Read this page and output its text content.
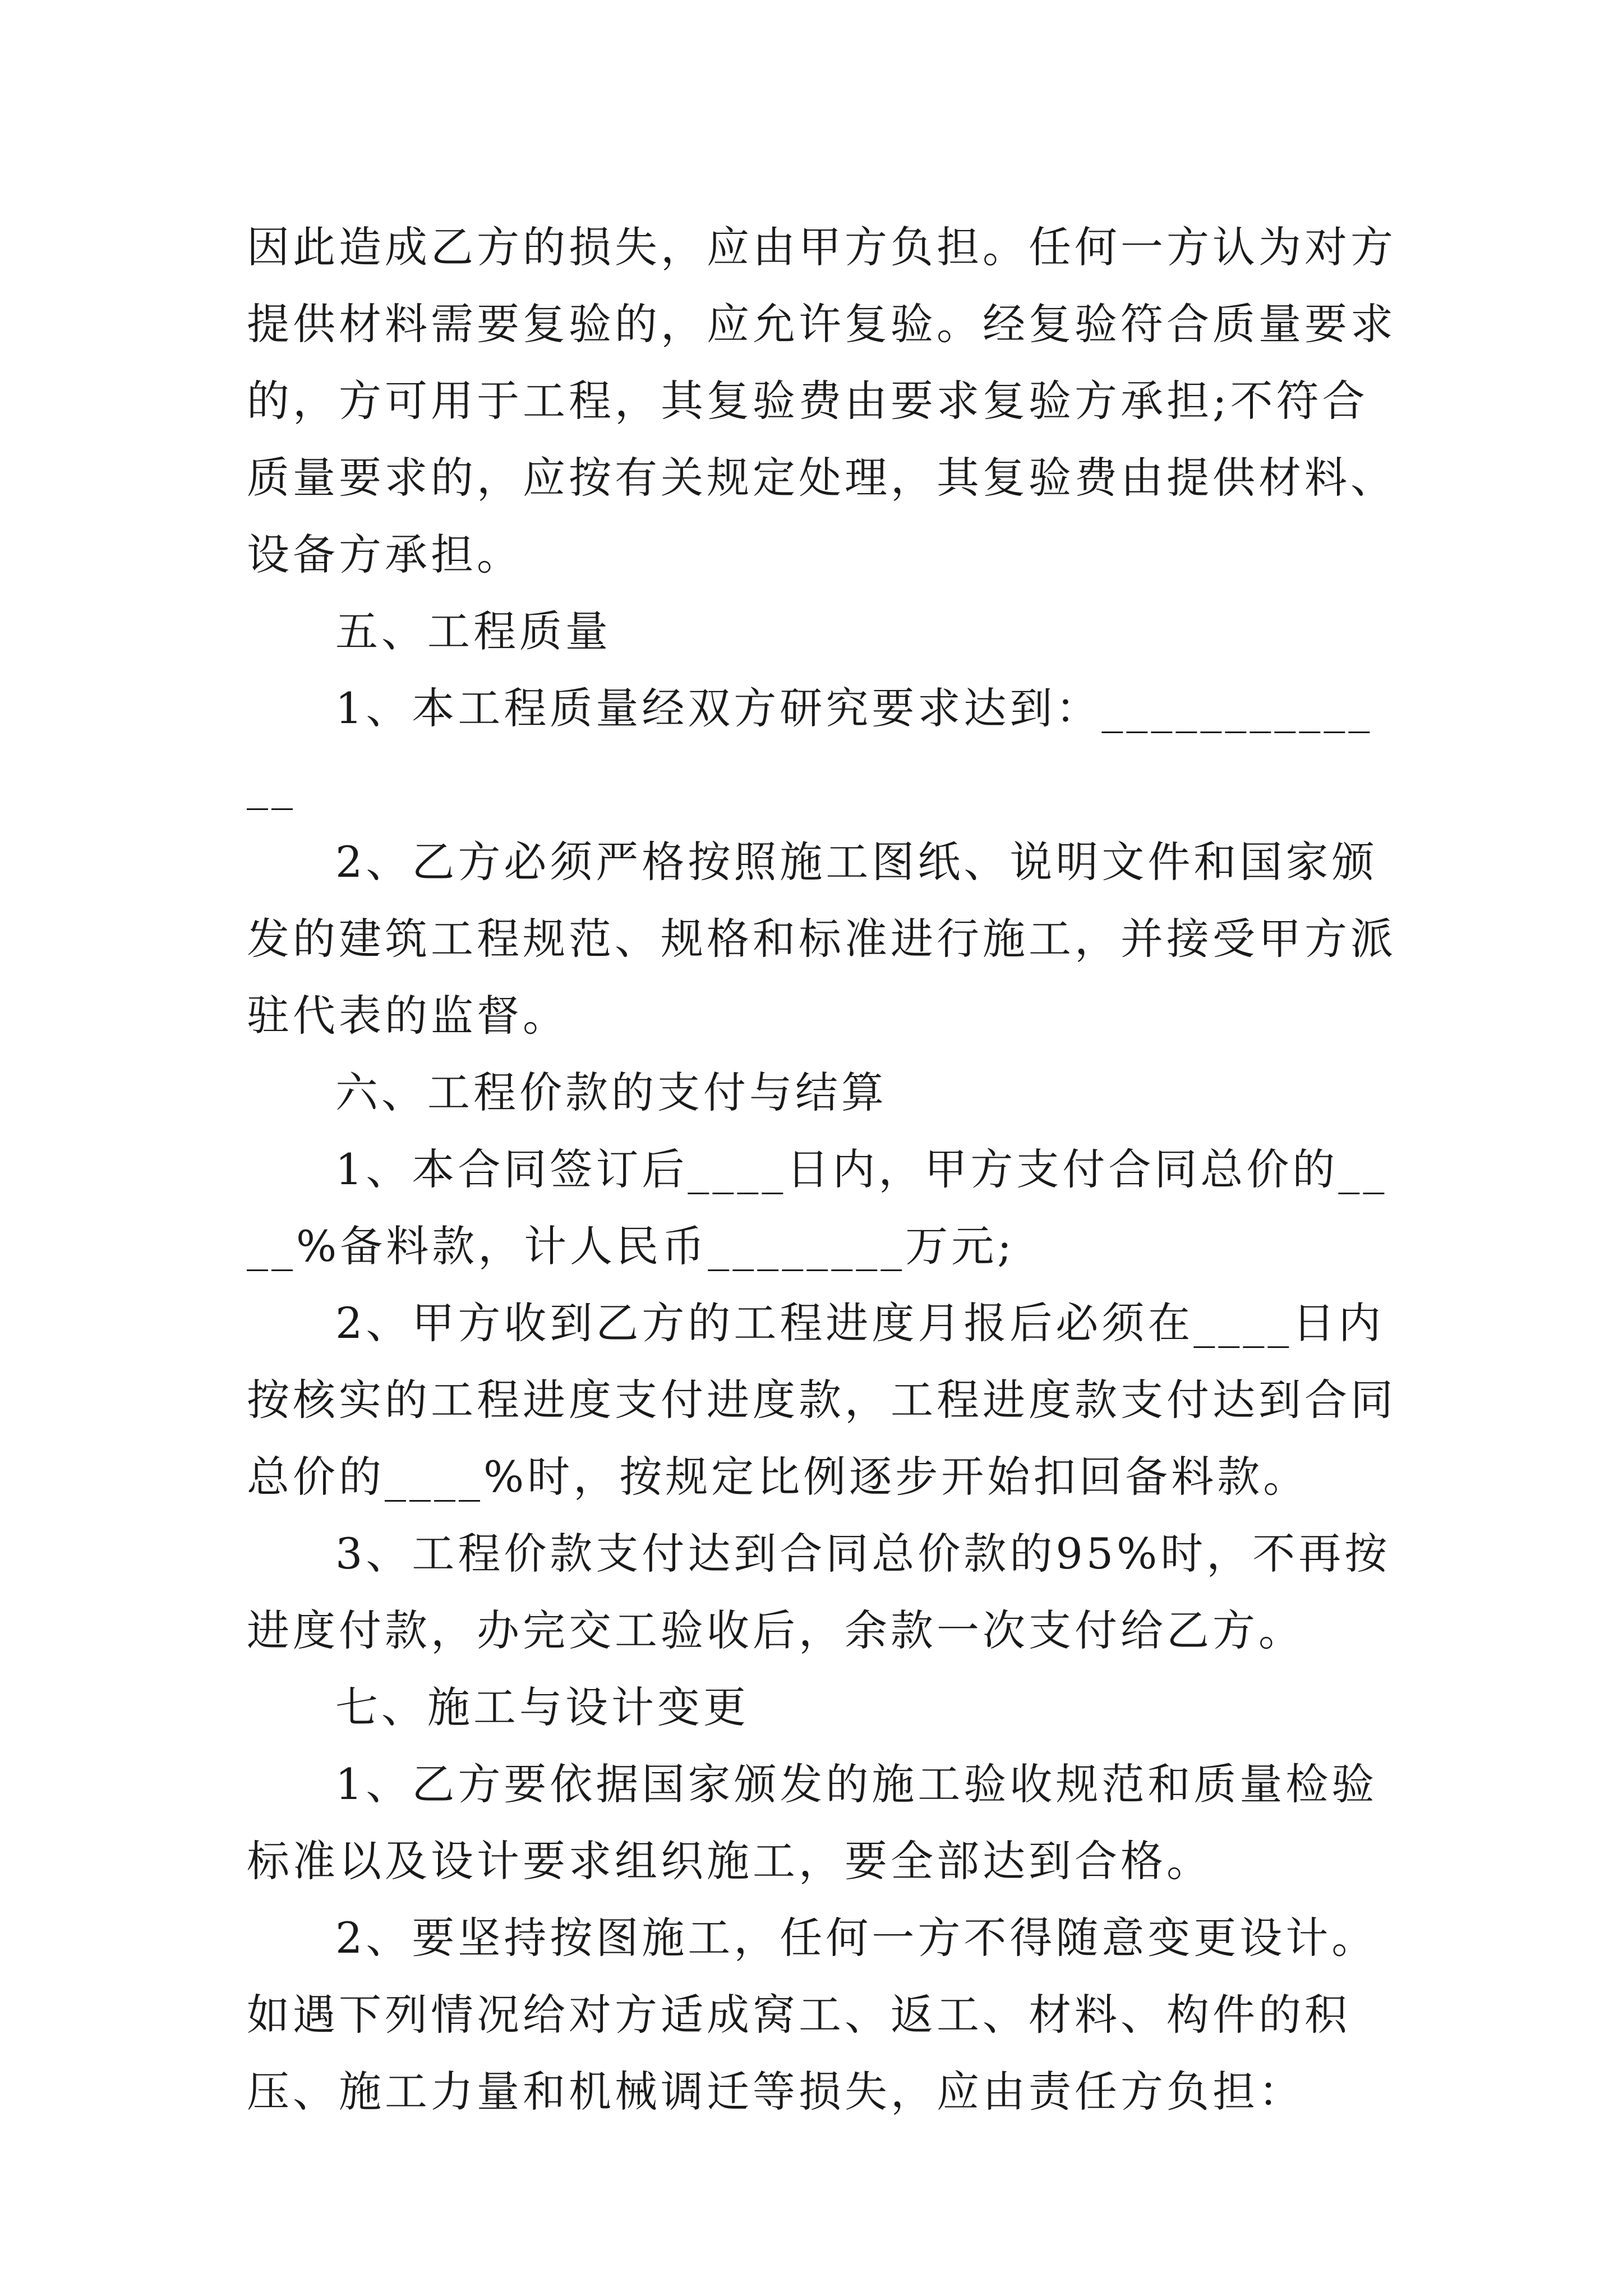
因此造成乙方的损失，应由甲方负担。任何一方认为对方提供材料需要复验的，应允许复验。经复验符合质量要求的，方可用于工程，其复验费由要求复验方承担;不符合质量要求的，应按有关规定处理，其复验费由提供材料、设备方承担。

五、工程质量

1、本工程质量经双方研究要求达到：_____________

2、乙方必须严格按照施工图纸、说明文件和国家颁发的建筑工程规范、规格和标准进行施工，并接受甲方派驻代表的监督。

六、工程价款的支付与结算

1、本合同签订后____日内，甲方支付合同总价的____%备料款，计人民币________万元;

2、甲方收到乙方的工程进度月报后必须在____日内按核实的工程进度支付进度款，工程进度款支付达到合同总价的____%时，按规定比例逐步开始扣回备料款。

3、工程价款支付达到合同总价款的95%时，不再按进度付款，办完交工验收后，余款一次支付给乙方。

七、施工与设计变更

1、乙方要依据国家颁发的施工验收规范和质量检验标准以及设计要求组织施工，要全部达到合格。

2、要坚持按图施工，任何一方不得随意变更设计。如遇下列情况给对方适成窝工、返工、材料、构件的积压、施工力量和机械调迁等损失，应由责任方负担：
